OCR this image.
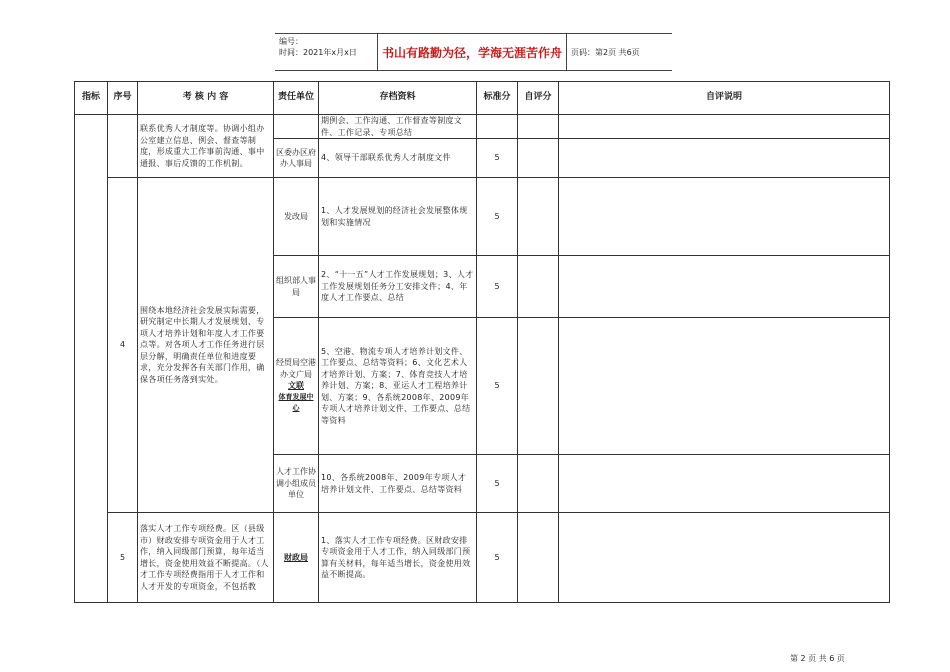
编号：
时间：2021年x月x日	书山有路勤为径，学海无涯苦作舟	页码：第2页 共6页
指标	序号	考 核 内 容	责任单位	存档资料	标准分	自评分	自评说明
		联系优秀人才制度等。协调小组办公室建立信息、例会、督查等制度，形成重大工作事前沟通、事中通报、事后反馈的工作机制。		期例会、工作沟通、工作督查等制度文件、工作记录、专项总结			
			区委办区府办人事局	4、领导干部联系优秀人才制度文件	5		
	4	围绕本地经济社会发展实际需要，研究制定中长期人才发展规划、专项人才培养计划和年度人才工作要点等。对各项人才工作任务进行层层分解，明确责任单位和进度要求，充分发挥各有关部门作用，确保各项任务落到实处。	发改局	1、人才发展规划的经济社会发展整体规划和实施情况	5		
			组织部人事局	2、“十一五”人才工作发展规划；3、人才工作发展规划任务分工安排文件；4、年度人才工作要点、总结	5		

			经贸局空港办文广局
文联
体育发展中心	5、空港、物流专项人才培养计划文件、工作要点、总结等资料；6、文化艺术人才培养计划、方案；7、体育竞技人才培养计划、方案；8、亚运人才工程培养计划、方案；9、各系统2008年、2009年专项人才培养计划文件、工作要点、总结等资料	5		
			人才工作协调小组成员单位	10、各系统2008年、2009年专项人才培养计划文件、工作要点、总结等资料	5		
	5	落实人才工作专项经费。区（县级市）财政安排专项资金用于人才工作，纳入同级部门预算，每年适当增长，资金使用效益不断提高。（人才工作专项经费指用于人才工作和人才开发的专项资金，不包括教	财政局	1、落实人才工作专项经费。区财政安排专项资金用于人才工作，纳入同级部门预算有关材料，每年适当增长，资金使用效益不断提高。	5		
第 2 页 共 6 页
